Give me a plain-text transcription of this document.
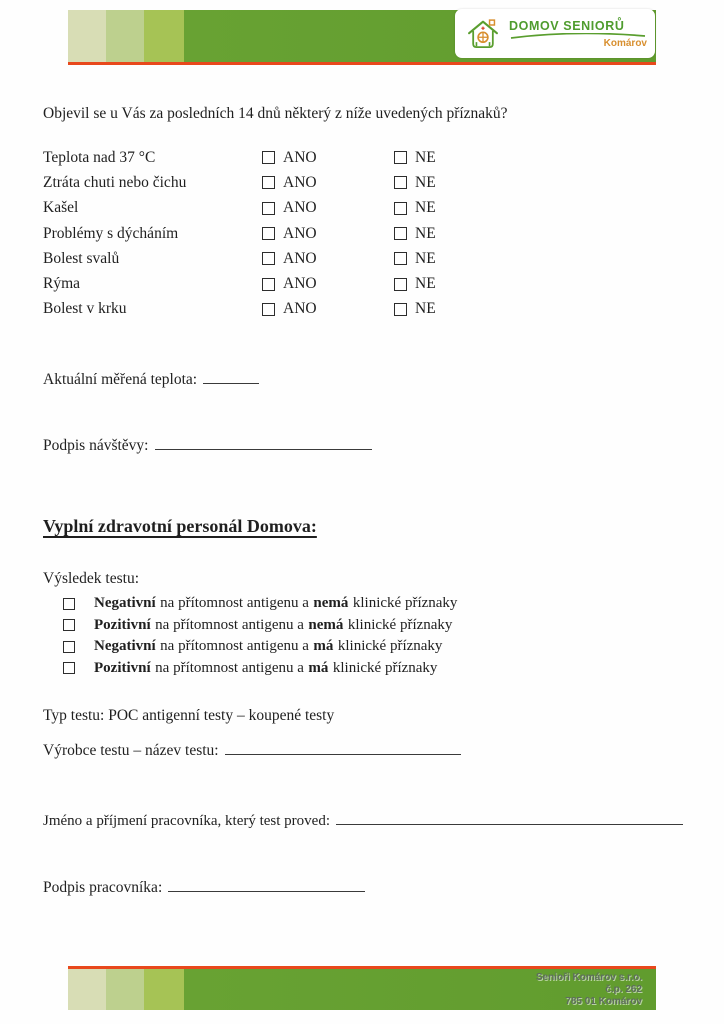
DOMOV SENIORŮ
Komárov
Objevil se u Vás za posledních 14 dnů některý z níže uvedených příznaků?
Teplota nad 37 °C	ANO	NE
Ztráta chuti nebo čichu	ANO	NE
Kašel	ANO	NE
Problémy s dýcháním	ANO	NE
Bolest svalů	ANO	NE
Rýma	ANO	NE
Bolest v krku	ANO	NE
Aktuální měřená teplota:
Podpis návštěvy:
Vyplní zdravotní personál Domova:
Výsledek testu:
Negativní na přítomnost antigenu a nemá klinické příznaky
Pozitivní na přítomnost antigenu a nemá klinické příznaky
Negativní na přítomnost antigenu a má klinické příznaky
Pozitivní na přítomnost antigenu a má klinické příznaky
Typ testu: POC antigenní testy – koupené testy
Výrobce testu – název testu:
Jméno a příjmení pracovníka, který test proved:
Podpis pracovníka:
Senioři Komárov s.r.o.
č.p. 262
785 01 Komárov
